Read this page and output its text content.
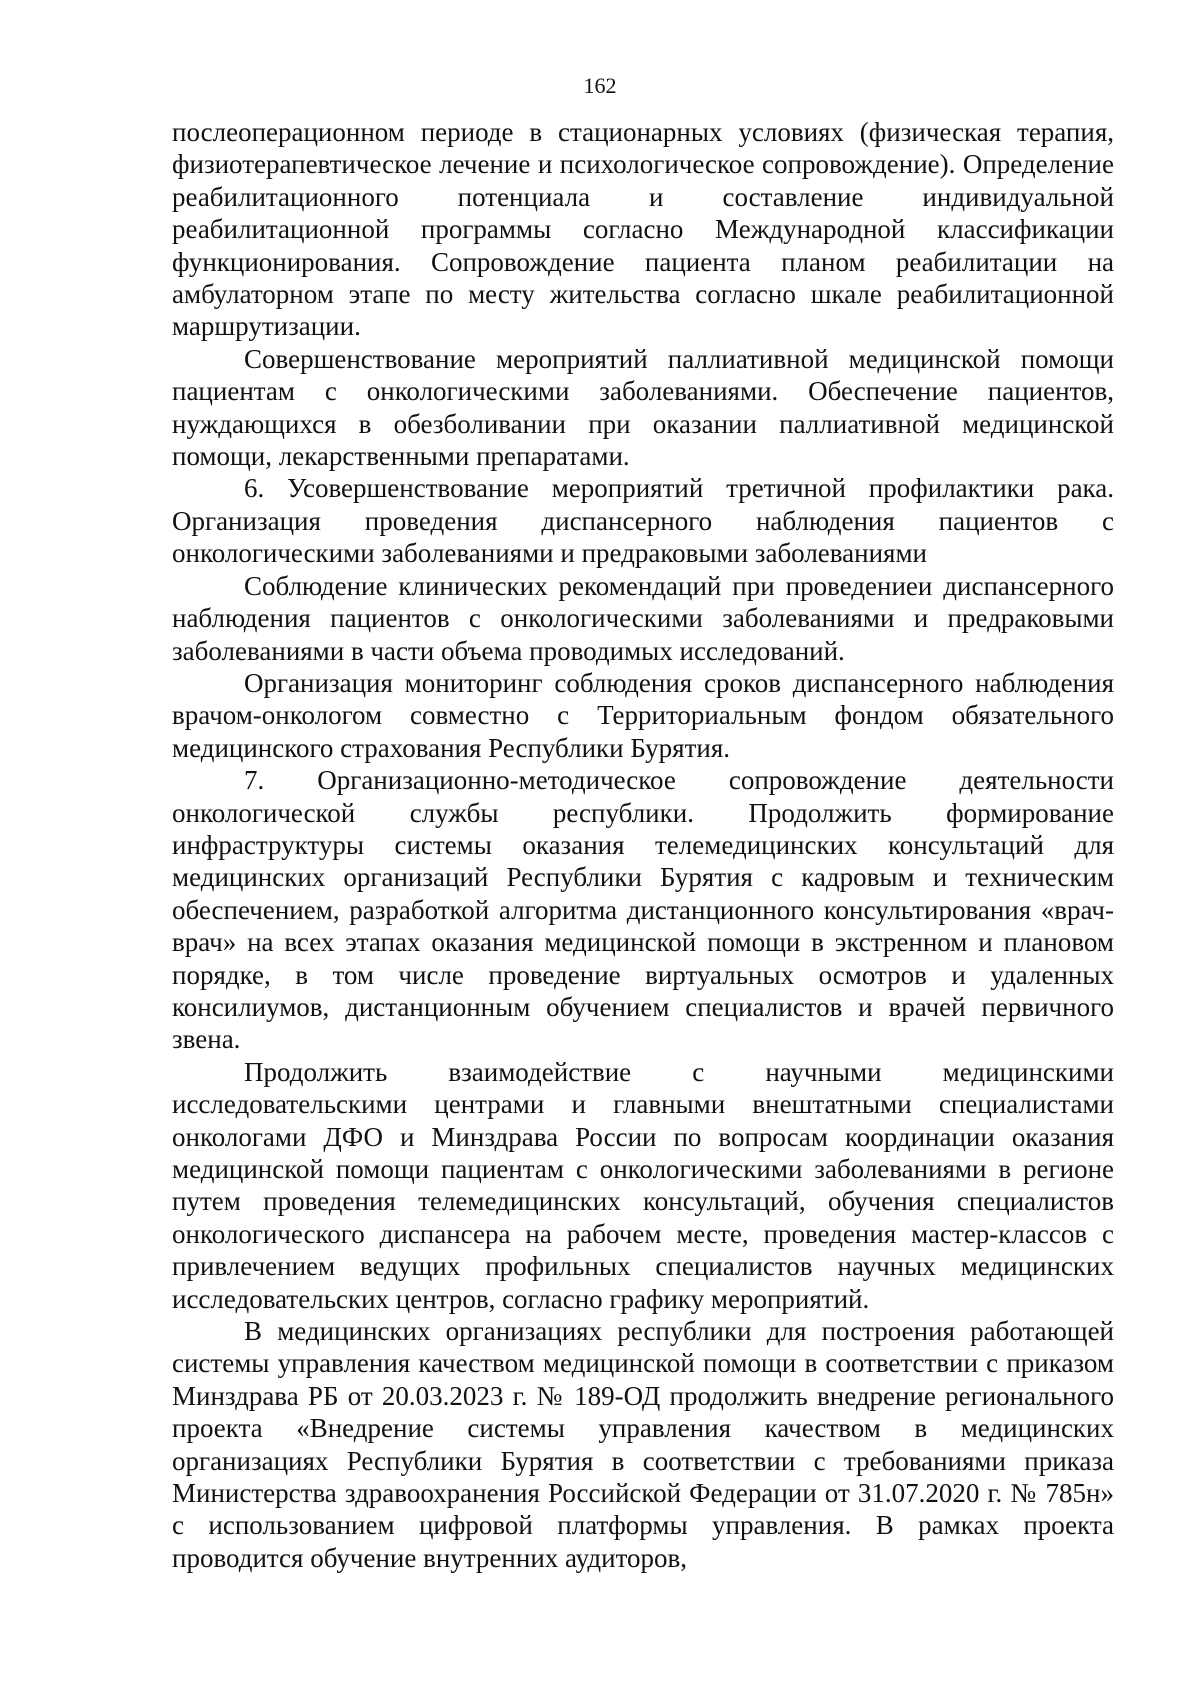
162

послеоперационном периоде в стационарных условиях (физическая терапия, физиотерапевтическое лечение и психологическое сопровождение). Определение реабилитационного потенциала и составление индивидуальной реабилитационной программы согласно Международной классификации функционирования. Сопровождение пациента планом реабилитации на амбулаторном этапе по месту жительства согласно шкале реабилитационной маршрутизации.

Совершенствование мероприятий паллиативной медицинской помощи пациентам с онкологическими заболеваниями. Обеспечение пациентов, нуждающихся в обезболивании при оказании паллиативной медицинской помощи, лекарственными препаратами.

6. Усовершенствование мероприятий третичной профилактики рака. Организация проведения диспансерного наблюдения пациентов с онкологическими заболеваниями и предраковыми заболеваниями

Соблюдение клинических рекомендаций при проведениеи диспансерного наблюдения пациентов с онкологическими заболеваниями и предраковыми заболеваниями в части объема проводимых исследований.

Организация мониторинг соблюдения сроков диспансерного наблюдения врачом-онкологом совместно с Территориальным фондом обязательного медицинского страхования Республики Бурятия.

7. Организационно-методическое сопровождение деятельности онкологической службы республики. Продолжить формирование инфраструктуры системы оказания телемедицинских консультаций для медицинских организаций Республики Бурятия с кадровым и техническим обеспечением, разработкой алгоритма дистанционного консультирования «врач-врач» на всех этапах оказания медицинской помощи в экстренном и плановом порядке, в том числе проведение виртуальных осмотров и удаленных консилиумов, дистанционным обучением специалистов и врачей первичного звена.

Продолжить взаимодействие с научными медицинскими исследовательскими центрами и главными внештатными специалистами онкологами ДФО и Минздрава России по вопросам координации оказания медицинской помощи пациентам с онкологическими заболеваниями в регионе путем проведения телемедицинских консультаций, обучения специалистов онкологического диспансера на рабочем месте, проведения мастер-классов с привлечением ведущих профильных специалистов научных медицинских исследовательских центров, согласно графику мероприятий.

В медицинских организациях республики для построения работающей системы управления качеством медицинской помощи в соответствии с приказом Минздрава РБ от 20.03.2023 г. № 189-ОД продолжить внедрение регионального проекта «Внедрение системы управления качеством в медицинских организациях Республики Бурятия в соответствии с требованиями приказа Министерства здравоохранения Российской Федерации от 31.07.2020 г. № 785н» с использованием цифровой платформы управления. В рамках проекта проводится обучение внутренних аудиторов,
